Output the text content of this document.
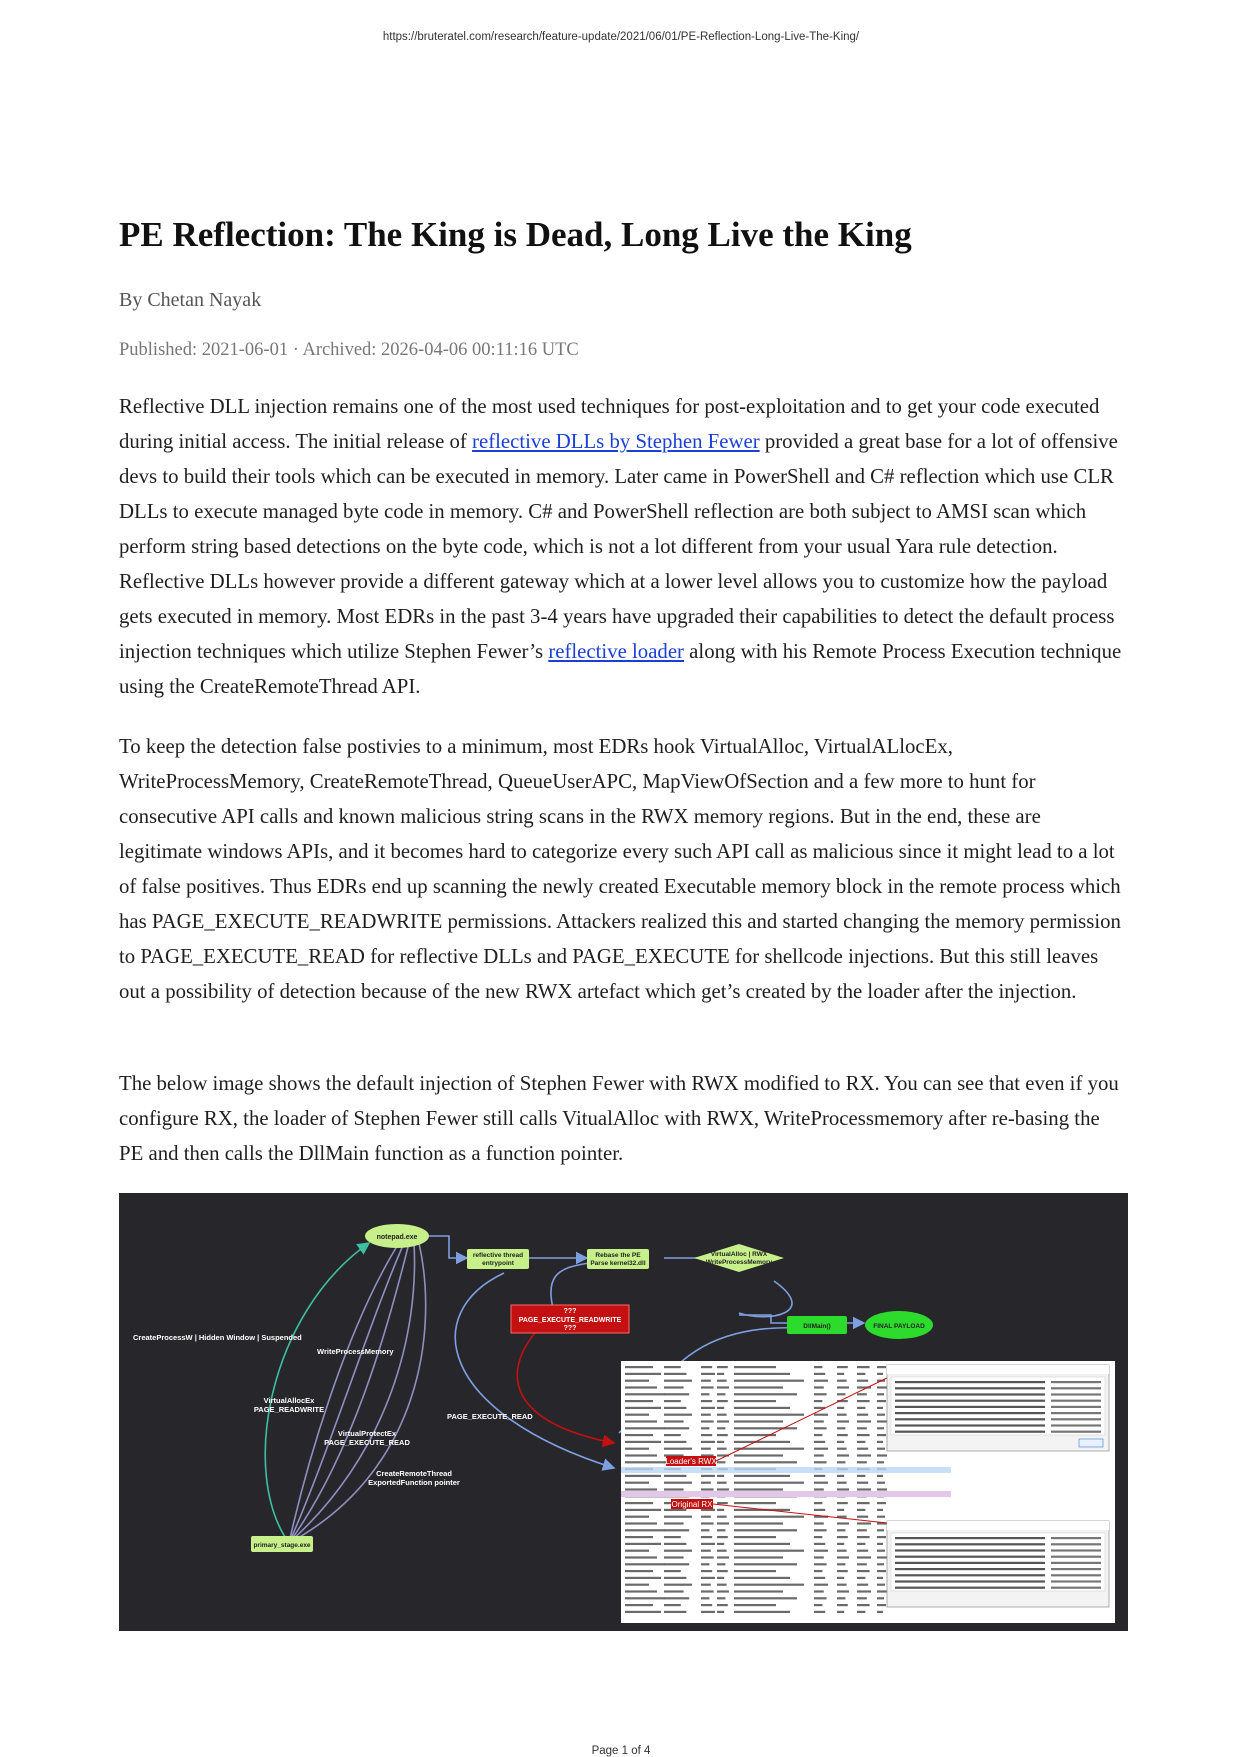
https://bruteratel.com/research/feature-update/2021/06/01/PE-Reflection-Long-Live-The-King/
PE Reflection: The King is Dead, Long Live the King
By Chetan Nayak
Published: 2021-06-01 · Archived: 2026-04-06 00:11:16 UTC

Reflective DLL injection remains one of the most used techniques for post-exploitation and to get your code executed during initial access. The initial release of reflective DLLs by Stephen Fewer provided a great base for a lot of offensive devs to build their tools which can be executed in memory. Later came in PowerShell and C# reflection which use CLR DLLs to execute managed byte code in memory. C# and PowerShell reflection are both subject to AMSI scan which perform string based detections on the byte code, which is not a lot different from your usual Yara rule detection. Reflective DLLs however provide a different gateway which at a lower level allows you to customize how the payload gets executed in memory. Most EDRs in the past 3-4 years have upgraded their capabilities to detect the default process injection techniques which utilize Stephen Fewer’s reflective loader along with his Remote Process Execution technique using the CreateRemoteThread API.

To keep the detection false postivies to a minimum, most EDRs hook VirtualAlloc, VirtualALlocEx, WriteProcessMemory, CreateRemoteThread, QueueUserAPC, MapViewOfSection and a few more to hunt for consecutive API calls and known malicious string scans in the RWX memory regions. But in the end, these are legitimate windows APIs, and it becomes hard to categorize every such API call as malicious since it might lead to a lot of false positives. Thus EDRs end up scanning the newly created Executable memory block in the remote process which has PAGE_EXECUTE_READWRITE permissions. Attackers realized this and started changing the memory permission to PAGE_EXECUTE_READ for reflective DLLs and PAGE_EXECUTE for shellcode injections. But this still leaves out a possibility of detection because of the new RWX artefact which get’s created by the loader after the injection.

The below image shows the default injection of Stephen Fewer with RWX modified to RX. You can see that even if you configure RX, the loader of Stephen Fewer still calls VitualAlloc with RWX, WriteProcessmemory after re-basing the PE and then calls the DllMain function as a function pointer.

notepad.exe
reflective thread
entrypoint
Rebase the PE
Parse kernel32.dll
VirtualAlloc | RWX
WriteProcessMemory
???
PAGE_EXECUTE_READWRITE
???	DllMain()	FINAL PAYLOAD
primary_stage.exe
CreateProcessW | Hidden Window | Suspended
WriteProcessMemory
VirtualAllocEx
PAGE_READWRITE
VirtualProtectEx
PAGE_EXECUTE_READ
CreateRemoteThread
ExportedFunction pointer
PAGE_EXECUTE_READ
Loader's RWX
Original RX
Page 1 of 4
